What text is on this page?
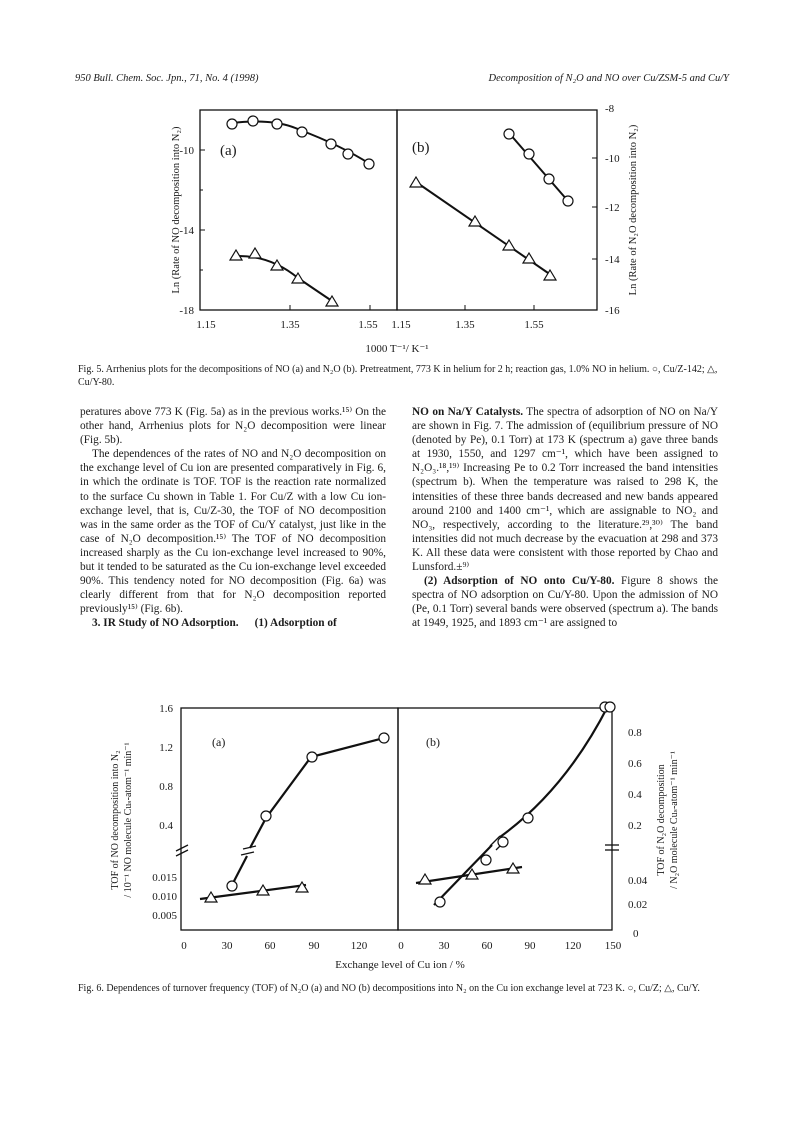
950 Bull. Chem. Soc. Jpn., 71, No. 4 (1998)	Decomposition of N₂O and NO over Cu/ZSM-5 and Cu/Y
-10
-14
-18
-8
-10
-12
-14
-16
1.15	1.35	1.55 1.15	1.35	1.55
(a)	(b)
Ln (Rate of NO decomposition into N₂)	Ln (Rate of N₂O decomposition into N₂)
1000 T⁻¹/ K⁻¹
Fig. 5. Arrhenius plots for the decompositions of NO (a) and N₂O (b). Pretreatment, 773 K in helium for 2 h; reaction gas, 1.0% NO in helium. ○, Cu/Z-142; △, Cu/Y-80.

peratures above 773 K (Fig. 5a) as in the previous works.¹⁵⁾ On the other hand, Arrhenius plots for N₂O decomposition were linear (Fig. 5b).

The dependences of the rates of NO and N₂O decomposition on the exchange level of Cu ion are presented comparatively in Fig. 6, in which the ordinate is TOF. TOF is the reaction rate normalized to the surface Cu shown in Table 1. For Cu/Z with a low Cu ion-exchange level, that is, Cu/Z-30, the TOF of NO decomposition was in the same order as the TOF of Cu/Y catalyst, just like in the case of N₂O decomposition.¹⁵⁾ The TOF of NO decomposition increased sharply as the Cu ion-exchange level increased to 90%, but it tended to be saturated as the Cu ion-exchange level exceeded 90%. This tendency noted for NO decomposition (Fig. 6a) was clearly different from that for N₂O decomposition reported previously¹⁵⁾ (Fig. 6b).

3. IR Study of NO Adsorption. (1) Adsorption of

NO on Na/Y Catalysts. The spectra of adsorption of NO on Na/Y are shown in Fig. 7. The admission of (equilibrium pressure of NO (denoted by Pe), 0.1 Torr) at 173 K (spectrum a) gave three bands at 1930, 1550, and 1297 cm⁻¹, which have been assigned to N₂O₃.¹⁸,¹⁹⁾ Increasing Pe to 0.2 Torr increased the band intensities (spectrum b). When the temperature was raised to 298 K, the intensities of these three bands decreased and new bands appeared around 2100 and 1400 cm⁻¹, which are assignable to NO₂ and NO₃, respectively, according to the literature.²⁹,³⁰⁾ The band intensities did not much decrease by the evacuation at 298 and 373 K. All these data were consistent with those reported by Chao and Lunsford.±⁹⁾

(2) Adsorption of NO onto Cu/Y-80. Figure 8 shows the spectra of NO adsorption on Cu/Y-80. Upon the admission of NO (Pe, 0.1 Torr) several bands were observed (spectrum a). The bands at 1949, 1925, and 1893 cm⁻¹ are assigned to

1.6
1.2
0.8
0.4
0.015
0.010
0.005
0.8
0.6
0.4
0.2
0.04
0.02
0
0	30	60	90	120	0	30	60	90	120 150
Exchange level of Cu ion / %
(a)	(b)
TOF of NO decomposition into N₂ / 10⁻¹ NO molecule Cuₛ-atom⁻¹ min⁻¹	TOF of N₂O decomposition / N₂O molecule Cuₛ-atom⁻¹ min⁻¹
Fig. 6. Dependences of turnover frequency (TOF) of N₂O (a) and NO (b) decompositions into N₂ on the Cu ion exchange level at 723 K. ○, Cu/Z; △, Cu/Y.
